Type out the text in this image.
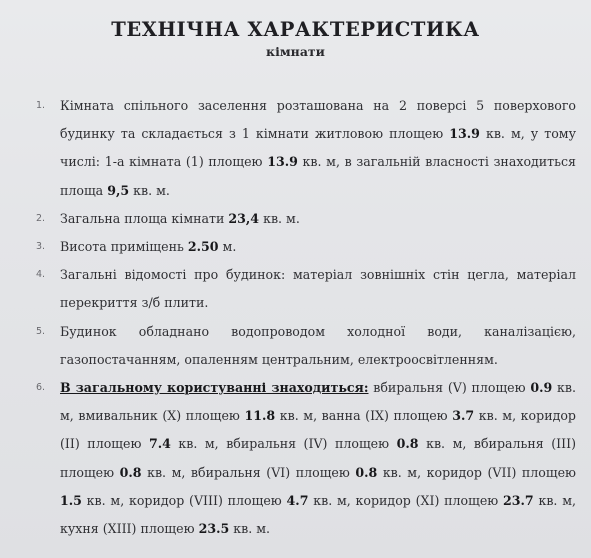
ТЕХНІЧНА ХАРАКТЕРИСТИКА
кімнати
1. Кімната спільного заселення розташована на 2 поверсі 5 поверхового будинку та складається з 1 кімнати житловою площею 13.9 кв. м, у тому числі: 1-а кімната (1) площею 13.9 кв. м, в загальній власності знаходиться площа 9,5 кв. м.
2. Загальна площа кімнати 23,4 кв. м.
3. Висота приміщень 2.50 м.
4. Загальні відомості про будинок: матеріал зовнішніх стін цегла, матеріал перекриття з/б плити.
5. Будинок обладнано водопроводом холодної води, каналізацією, газопостачанням, опаленням центральним, електроосвітленням.
6. В загальному користуванні знаходиться: вбиральня (V) площею 0.9 кв. м, вмивальник (X) площею 11.8 кв. м, ванна (IX) площею 3.7 кв. м, коридор (II) площею 7.4 кв. м, вбиральня (IV) площею 0.8 кв. м, вбиральня (III) площею 0.8 кв. м, вбиральня (VI) площею 0.8 кв. м, коридор (VII) площею 1.5 кв. м, коридор (VIII) площею 4.7 кв. м, коридор (XI) площею 23.7 кв. м, кухня (XIII) площею 23.5 кв. м.
